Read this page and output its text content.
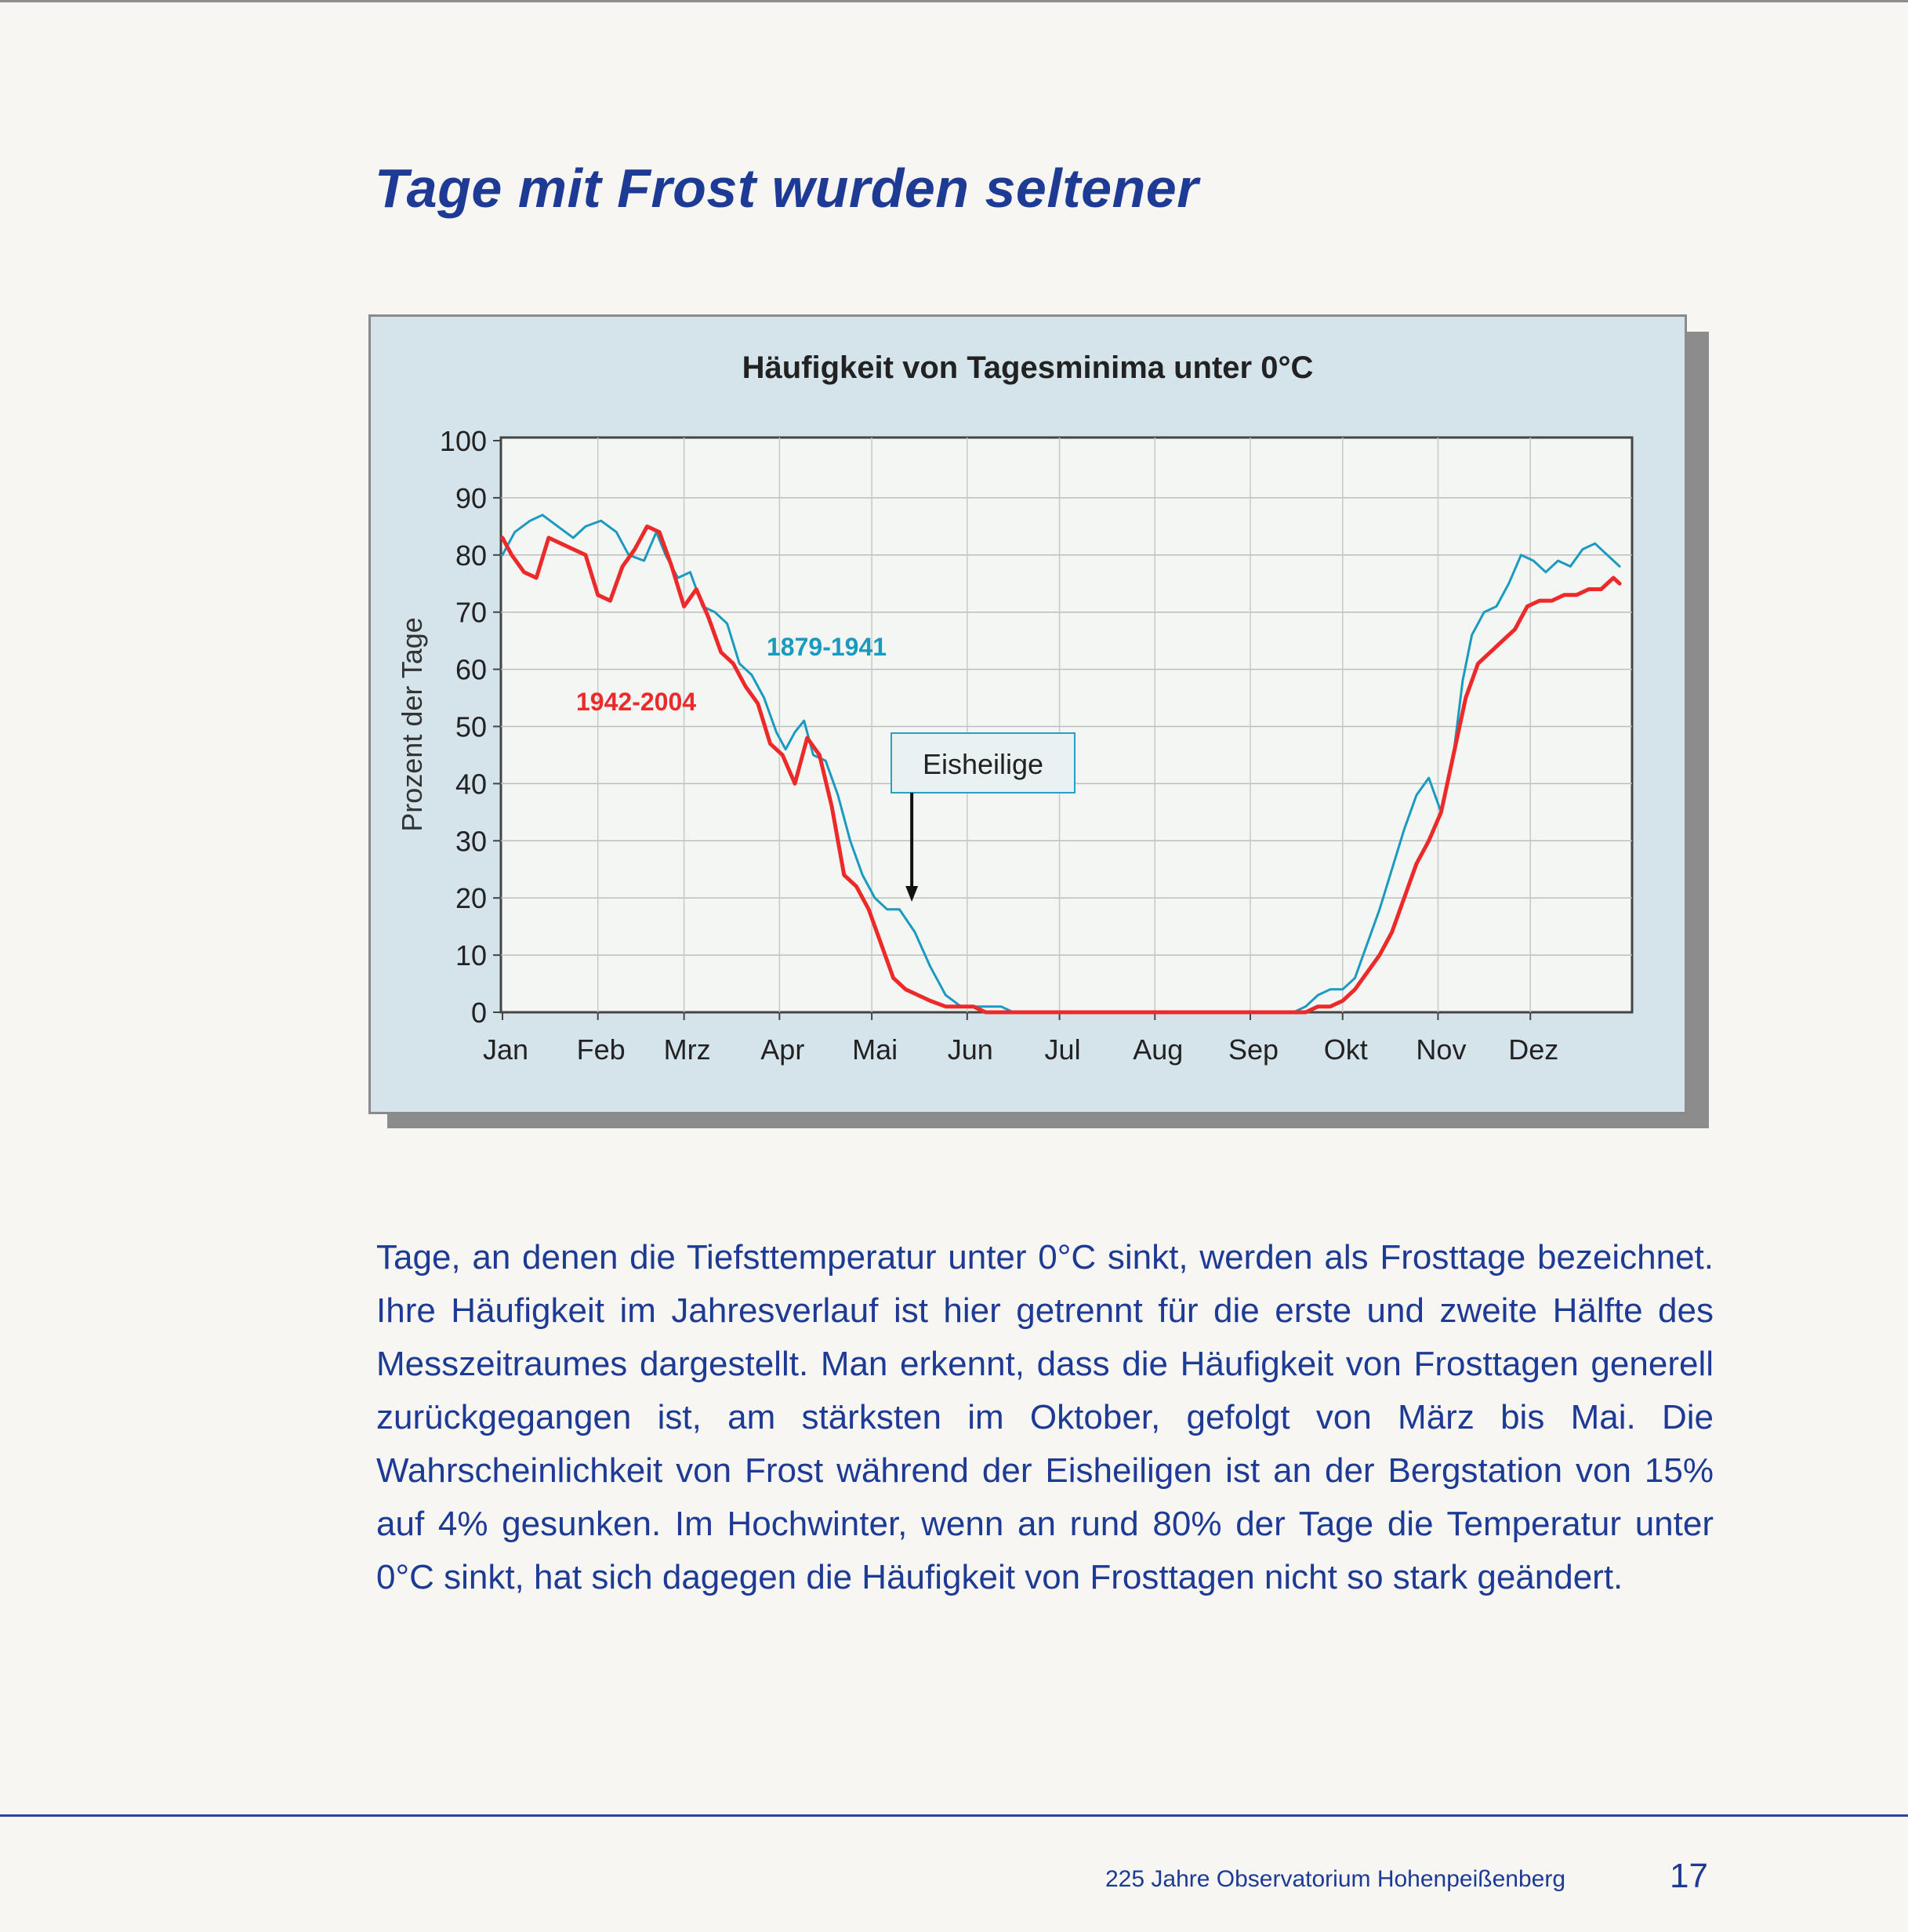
Tage mit Frost wurden seltener
Häufigkeit von Tagesminima unter 0°C
0
10
20
30
40
50
60
70
80
90
100
Jan Feb Mrz Apr Mai Jun Jul Aug Sep Okt Nov Dez
Prozent der Tage	1879-1941
1942-2004
Eisheilige

Tage, an denen die Tiefsttemperatur unter 0°C sinkt, werden als Frosttage bezeichnet. Ihre Häufigkeit im Jahresverlauf ist hier getrennt für die erste und zweite Hälfte des Messzeitraumes dargestellt. Man erkennt, dass die Häufigkeit von Frosttagen generell zurückgegangen ist, am stärksten im Oktober, gefolgt von März bis Mai. Die Wahrscheinlichkeit von Frost während der Eisheiligen ist an der Bergstation von 15% auf 4% gesunken. Im Hochwinter, wenn an rund 80% der Tage die Temperatur unter 0°C sinkt, hat sich dagegen die Häufigkeit von Frosttagen nicht so stark geändert.

225 Jahre Observatorium Hohenpeißenberg	17
